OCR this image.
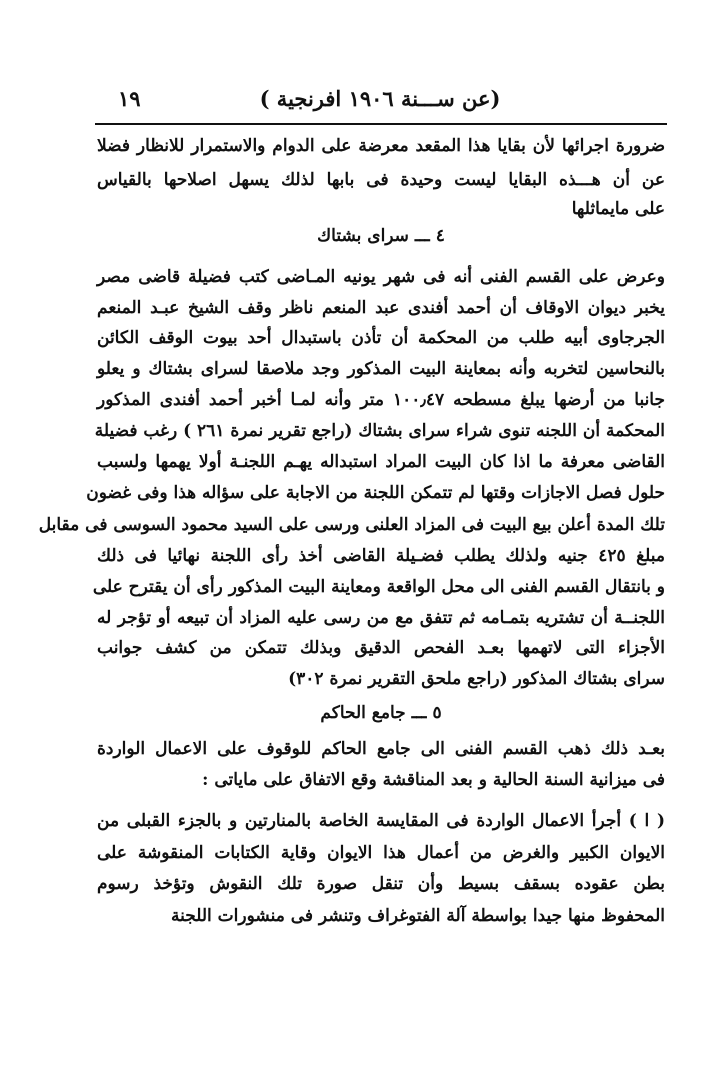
١٩	(عن ســـنة ١٩٠٦ افرنجية )
ضرورة اجرائها لأن بقايا هذا المقعد معرضة على الدوام والاستمرار للانظار فضلا
عن أن هـــذه البقايا ليست وحيدة فى بابها لذلك يسهل اصلاحها بالقياس
على مايماثلها
٤ ـــ سراى بشتاك
وعرض على القسم الفنى أنه فى شهر يونيه المـاضى كتب فضيلة قاضى مصر
يخبر ديوان الاوقاف أن أحمد أفندى عبد المنعم ناظر وقف الشيخ عبـد المنعم
الجرجاوى أبيه طلب من المحكمة أن تأذن باستبدال أحد بيوت الوقف الكائن
بالنحاسين لتخربه وأنه بمعاينة البيت المذكور وجد ملاصقا لسراى بشتاك و يعلو
جانبا من أرضها يبلغ مسطحه ١٠٠٫٤٧ متر وأنه لمـا أخبر أحمد أفندى المذكور
المحكمة أن اللجنه تنوى شراء سراى بشتاك (راجع تقرير نمرة ٢٦١ ) رغب فضيلة
القاضى معرفة ما اذا كان البيت المراد استبداله يهـم اللجنـة أولا يهمها ولسبب
حلول فصل الاجازات وقتها لم تتمكن اللجنة من الاجابة على سؤاله هذا وفى غضون
تلك المدة أعلن بيع البيت فى المزاد العلنى ورسى على السيد محمود السوسى فى مقابل
مبلغ ٤٢٥ جنيه ولذلك يطلب فضـيلة القاضى أخذ رأى اللجنة نهائيا فى ذلك
و بانتقال القسم الفنى الى محل الواقعة ومعاينة البيت المذكور رأى أن يقترح على
اللجنــة أن تشتريه بتمـامه ثم تتفق مع من رسى عليه المزاد أن تبيعه أو تؤجر له
الأجزاء التى لاتهمها بعـد الفحص الدقيق وبذلك تتمكن من كشف جوانب
سراى بشتاك المذكور (راجع ملحق التقرير نمرة ٣٠٢)
٥ ـــ جامع الحاكم
بعـد ذلك ذهب القسم الفنى الى جامع الحاكم للوقوف على الاعمال الواردة
فى ميزانية السنة الحالية و بعد المناقشة وقع الاتفاق على ماياتى :
( ا ) أجرأ الاعمال الواردة فى المقايسة الخاصة بالمنارتين و بالجزء القبلى من
الايوان الكبير والغرض من أعمال هذا الايوان وقاية الكتابات المنقوشة على
بطن عقوده بسقف بسيط وأن تنقل صورة تلك النقوش وتؤخذ رسوم
المحفوظ منها جيدا بواسطة آلة الفتوغراف وتنشر فى منشورات اللجنة
